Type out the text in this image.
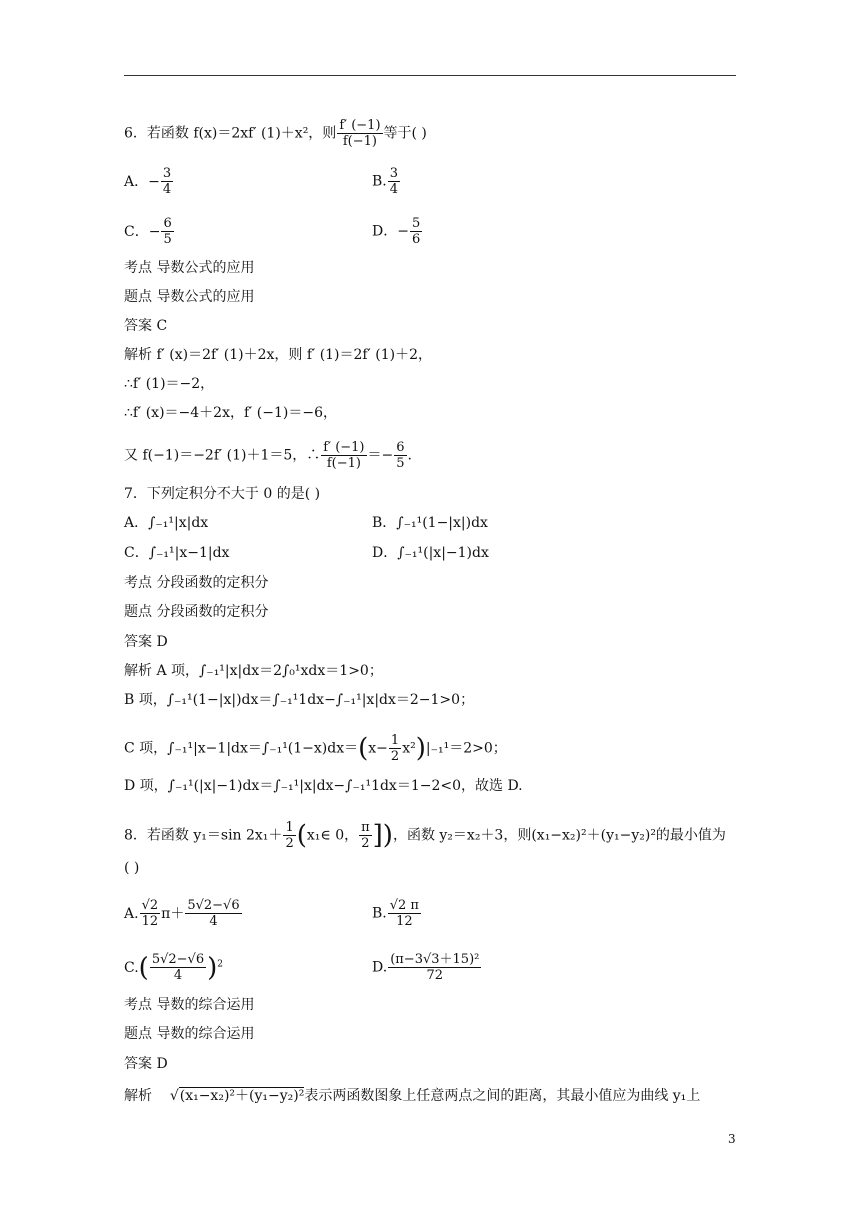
6．若函数 f(x)＝2xf′ (1)＋x²，则 $\frac{f' (-1)}{f(-1)}$ 等于( )
A．− $\frac{3}{4}$	B. $\frac{3}{4}$
C．− $\frac{6}{5}$	D．− $\frac{5}{6}$
考点 导数公式的应用
题点 导数公式的应用
答案 C
解析 f′ (x)＝2f′ (1)＋2x，则 f′ (1)＝2f′ (1)＋2，
∴f′ (1)＝−2，
∴f′ (x)＝−4＋2x，f′ (−1)＝−6，
又 f(−1)＝−2f′ (1)＋1＝5，∴ $\frac{f' (-1)}{f(-1)} =- \frac{6}{5}$ .
7．下列定积分不大于 0 的是( )
A．∫₋₁¹|x|dx	B．∫₋₁¹(1−|x|)dx
C．∫₋₁¹|x−1|dx	D．∫₋₁¹(|x|−1)dx
考点 分段函数的定积分
题点 分段函数的定积分
答案 D
解析 A 项，∫₋₁¹|x|dx＝2∫₀¹xdx＝1>0；
B 项，∫₋₁¹(1−|x|)dx＝∫₋₁¹1dx−∫₋₁¹|x|dx＝2−1>0；
C 项，$\int_{-1}^1|x-1|dx=\int_{-1}^1(1-x)dx=(x- \frac{1}{2} x^2)|_{-1}^1=2>0$；
D 项，∫₋₁¹(|x|−1)dx＝∫₋₁¹|x|dx−∫₋₁¹1dx＝1−2<0，故选 D.
8．若函数 y₁＝sin $2x_1+ \frac{1}{2}$ (x₁∈ 0， $\frac{\pi}{2}$ ])，函数 y₂＝x₂＋3，则(x₁−x₂)²＋(y₁−y₂)²的最小值为
( )
A. $\frac{√2}{12} \pi+ \frac{5√2-√6}{4}$	B. $\frac{√2 \pi}{12}$
$C.( \frac{5√2-√6}{4} )^2$	D. $\frac{\text{(π−3√3＋15)²}}{72}$
考点 导数的综合运用
题点 导数的综合运用
答案 D
解析 √(x₁−x₂)²＋(y₁−y₂)²表示两函数图象上任意两点之间的距离，其最小值应为曲线 y₁上
3
